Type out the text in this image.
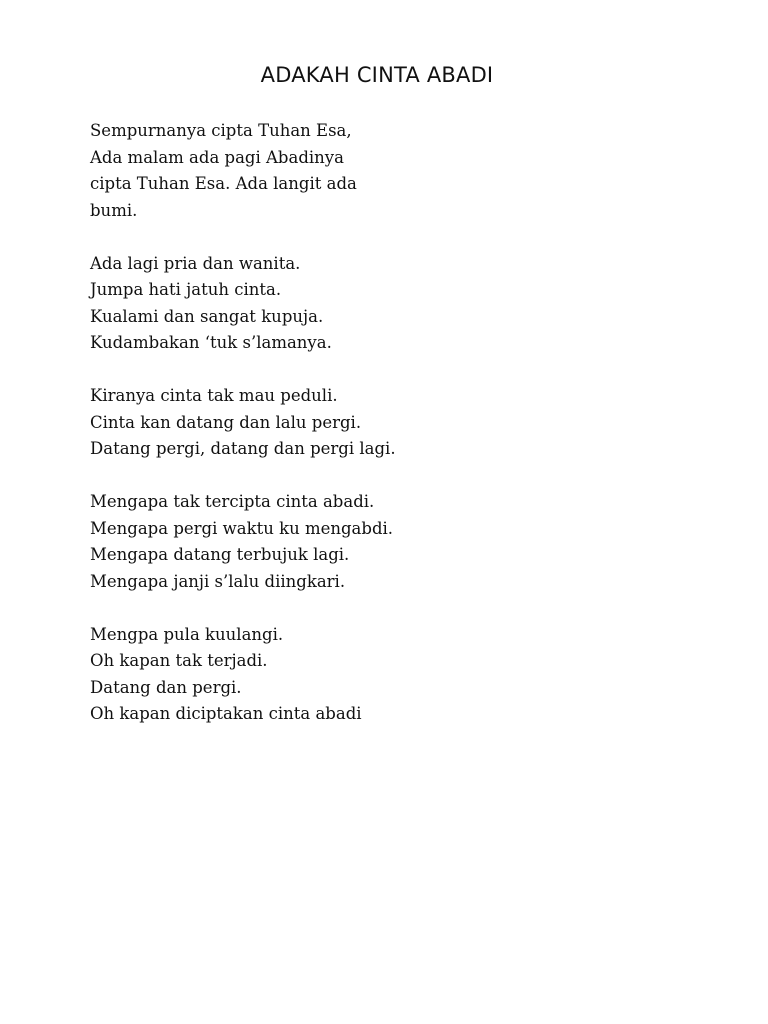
ADAKAH CINTA ABADI
Sempurnanya cipta Tuhan Esa,
Ada malam ada pagi Abadinya
cipta Tuhan Esa. Ada langit ada
bumi.
Ada lagi pria dan wanita.
Jumpa hati jatuh cinta.
Kualami dan sangat kupuja.
Kudambakan ‘tuk s’lamanya.
Kiranya cinta tak mau peduli.
Cinta kan datang dan lalu pergi.
Datang pergi, datang dan pergi lagi.
Mengapa tak tercipta cinta abadi.
Mengapa pergi waktu ku mengabdi.
Mengapa datang terbujuk lagi.
Mengapa janji s’lalu diingkari.
Mengpa pula kuulangi.
Oh kapan tak terjadi.
Datang dan pergi.
Oh kapan diciptakan cinta abadi
